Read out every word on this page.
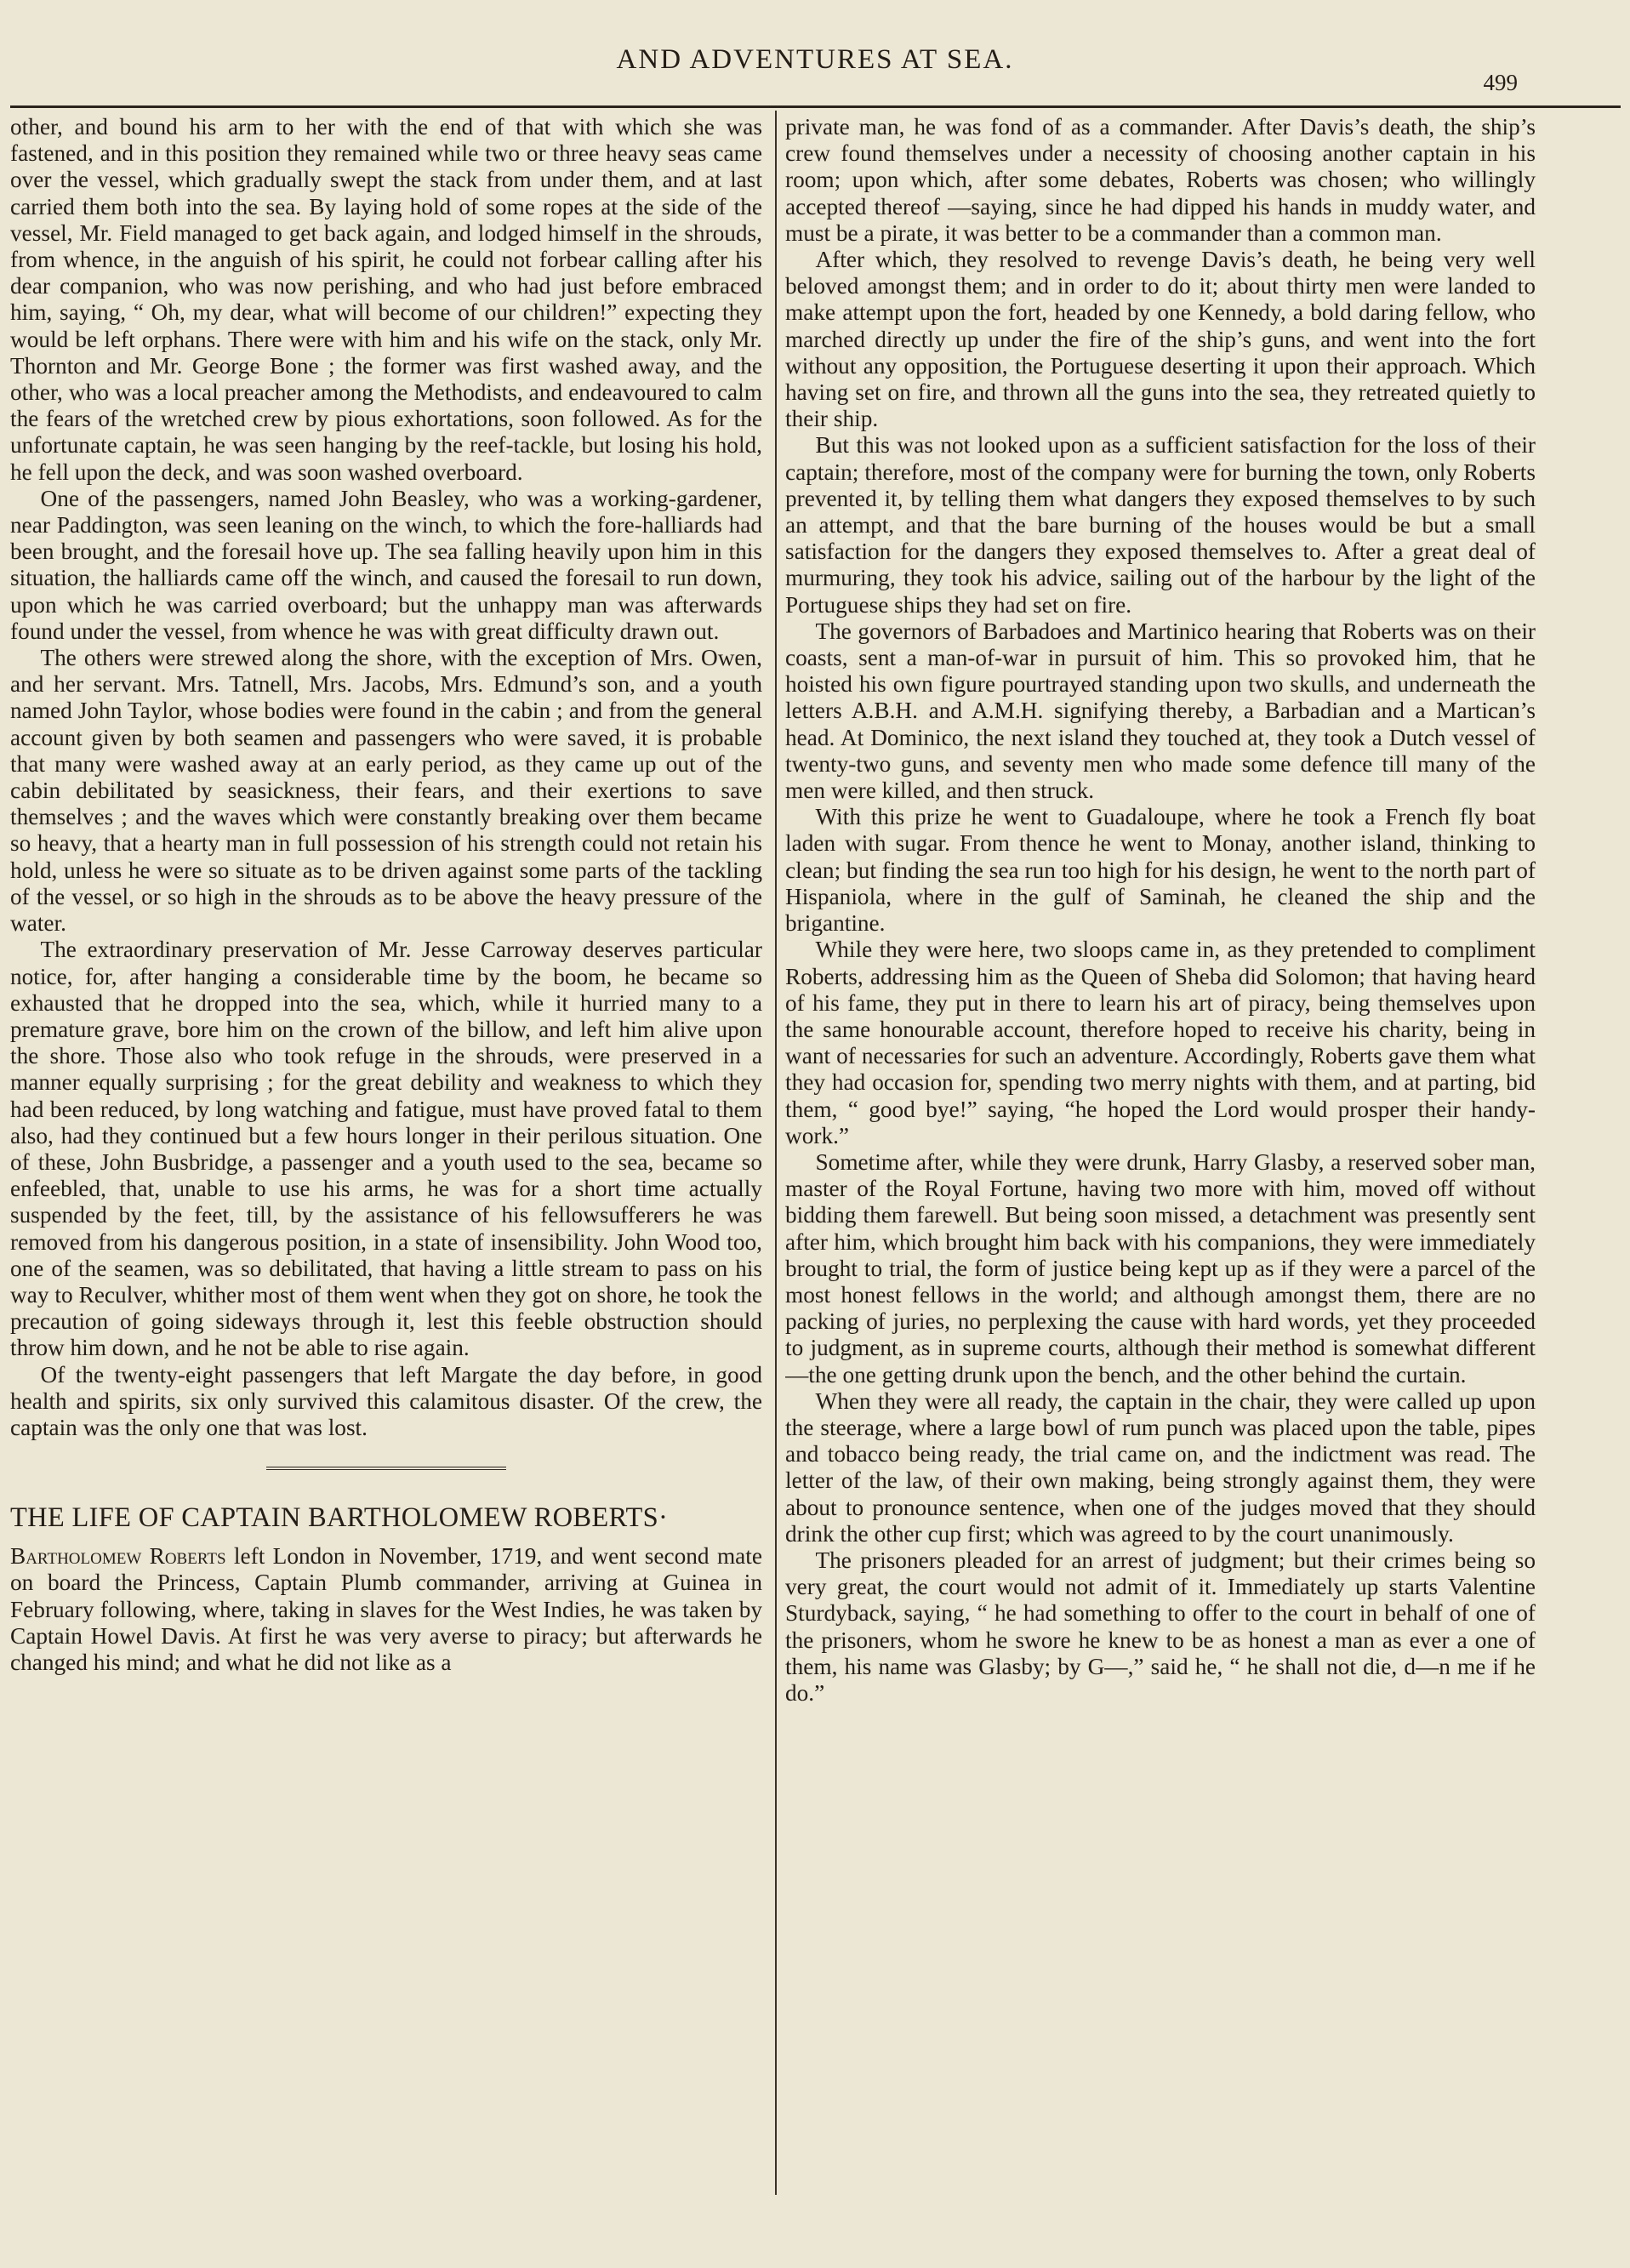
AND ADVENTURES AT SEA.
499

other, and bound his arm to her with the end of that with which she was fastened, and in this position they remained while two or three heavy seas came over the vessel, which gradually swept the stack from under them, and at last carried them both into the sea. By laying hold of some ropes at the side of the vessel, Mr. Field managed to get back again, and lodged himself in the shrouds, from whence, in the anguish of his spirit, he could not forbear calling after his dear companion, who was now perishing, and who had just before embraced him, saying, “ Oh, my dear, what will become of our children!” expecting they would be left orphans. There were with him and his wife on the stack, only Mr. Thornton and Mr. George Bone ; the former was first washed away, and the other, who was a local preacher among the Methodists, and endeavoured to calm the fears of the wretched crew by pious exhortations, soon followed. As for the unfortunate captain, he was seen hanging by the reef-tackle, but losing his hold, he fell upon the deck, and was soon washed overboard.

One of the passengers, named John Beasley, who was a working-gardener, near Paddington, was seen leaning on the winch, to which the fore-halliards had been brought, and the foresail hove up. The sea falling heavily upon him in this situation, the halliards came off the winch, and caused the foresail to run down, upon which he was carried overboard; but the unhappy man was afterwards found under the vessel, from whence he was with great difficulty drawn out.

The others were strewed along the shore, with the exception of Mrs. Owen, and her servant. Mrs. Tatnell, Mrs. Jacobs, Mrs. Edmund’s son, and a youth named John Taylor, whose bodies were found in the cabin ; and from the general account given by both seamen and passengers who were saved, it is probable that many were washed away at an early period, as they came up out of the cabin debilitated by seasickness, their fears, and their exertions to save themselves ; and the waves which were constantly breaking over them became so heavy, that a hearty man in full possession of his strength could not retain his hold, unless he were so situate as to be driven against some parts of the tackling of the vessel, or so high in the shrouds as to be above the heavy pressure of the water.

The extraordinary preservation of Mr. Jesse Carroway deserves particular notice, for, after hanging a considerable time by the boom, he became so exhausted that he dropped into the sea, which, while it hurried many to a premature grave, bore him on the crown of the billow, and left him alive upon the shore. Those also who took refuge in the shrouds, were preserved in a manner equally surprising ; for the great debility and weakness to which they had been reduced, by long watching and fatigue, must have proved fatal to them also, had they continued but a few hours longer in their perilous situation. One of these, John Busbridge, a passenger and a youth used to the sea, became so enfeebled, that, unable to use his arms, he was for a short time actually suspended by the feet, till, by the assistance of his fellowsufferers he was removed from his dangerous position, in a state of insensibility. John Wood too, one of the seamen, was so debilitated, that having a little stream to pass on his way to Reculver, whither most of them went when they got on shore, he took the precaution of going sideways through it, lest this feeble obstruction should throw him down, and he not be able to rise again.

Of the twenty-eight passengers that left Margate the day before, in good health and spirits, six only survived this calamitous disaster. Of the crew, the captain was the only one that was lost.

THE LIFE OF CAPTAIN BARTHOLOMEW ROBERTS·

Bartholomew Roberts left London in November, 1719, and went second mate on board the Princess, Captain Plumb commander, arriving at Guinea in February following, where, taking in slaves for the West Indies, he was taken by Captain Howel Davis. At first he was very averse to piracy; but afterwards he changed his mind; and what he did not like as a

private man, he was fond of as a commander. After Davis’s death, the ship’s crew found themselves under a necessity of choosing another captain in his room; upon which, after some debates, Roberts was chosen; who willingly accepted thereof —saying, since he had dipped his hands in muddy water, and must be a pirate, it was better to be a commander than a common man.

After which, they resolved to revenge Davis’s death, he being very well beloved amongst them; and in order to do it; about thirty men were landed to make attempt upon the fort, headed by one Kennedy, a bold daring fellow, who marched directly up under the fire of the ship’s guns, and went into the fort without any opposition, the Portuguese deserting it upon their approach. Which having set on fire, and thrown all the guns into the sea, they retreated quietly to their ship.

But this was not looked upon as a sufficient satisfaction for the loss of their captain; therefore, most of the company were for burning the town, only Roberts prevented it, by telling them what dangers they exposed themselves to by such an attempt, and that the bare burning of the houses would be but a small satisfaction for the dangers they exposed themselves to. After a great deal of murmuring, they took his advice, sailing out of the harbour by the light of the Portuguese ships they had set on fire.

The governors of Barbadoes and Martinico hearing that Roberts was on their coasts, sent a man-of-war in pursuit of him. This so provoked him, that he hoisted his own figure pourtrayed standing upon two skulls, and underneath the letters A.B.H. and A.M.H. signifying thereby, a Barbadian and a Martican’s head. At Dominico, the next island they touched at, they took a Dutch vessel of twenty-two guns, and seventy men who made some defence till many of the men were killed, and then struck.

With this prize he went to Guadaloupe, where he took a French fly boat laden with sugar. From thence he went to Monay, another island, thinking to clean; but finding the sea run too high for his design, he went to the north part of Hispaniola, where in the gulf of Saminah, he cleaned the ship and the brigantine.

While they were here, two sloops came in, as they pretended to compliment Roberts, addressing him as the Queen of Sheba did Solomon; that having heard of his fame, they put in there to learn his art of piracy, being themselves upon the same honourable account, therefore hoped to receive his charity, being in want of necessaries for such an adventure. Accordingly, Roberts gave them what they had occasion for, spending two merry nights with them, and at parting, bid them, “ good bye!” saying, “he hoped the Lord would prosper their handy-work.”

Sometime after, while they were drunk, Harry Glasby, a reserved sober man, master of the Royal Fortune, having two more with him, moved off without bidding them farewell. But being soon missed, a detachment was presently sent after him, which brought him back with his companions, they were immediately brought to trial, the form of justice being kept up as if they were a parcel of the most honest fellows in the world; and although amongst them, there are no packing of juries, no perplexing the cause with hard words, yet they proceeded to judgment, as in supreme courts, although their method is somewhat different—the one getting drunk upon the bench, and the other behind the curtain.

When they were all ready, the captain in the chair, they were called up upon the steerage, where a large bowl of rum punch was placed upon the table, pipes and tobacco being ready, the trial came on, and the indictment was read. The letter of the law, of their own making, being strongly against them, they were about to pronounce sentence, when one of the judges moved that they should drink the other cup first; which was agreed to by the court unanimously.

The prisoners pleaded for an arrest of judgment; but their crimes being so very great, the court would not admit of it. Immediately up starts Valentine Sturdyback, saying, “ he had something to offer to the court in behalf of one of the prisoners, whom he swore he knew to be as honest a man as ever a one of them, his name was Glasby; by G—,” said he, “ he shall not die, d—n me if he do.”
